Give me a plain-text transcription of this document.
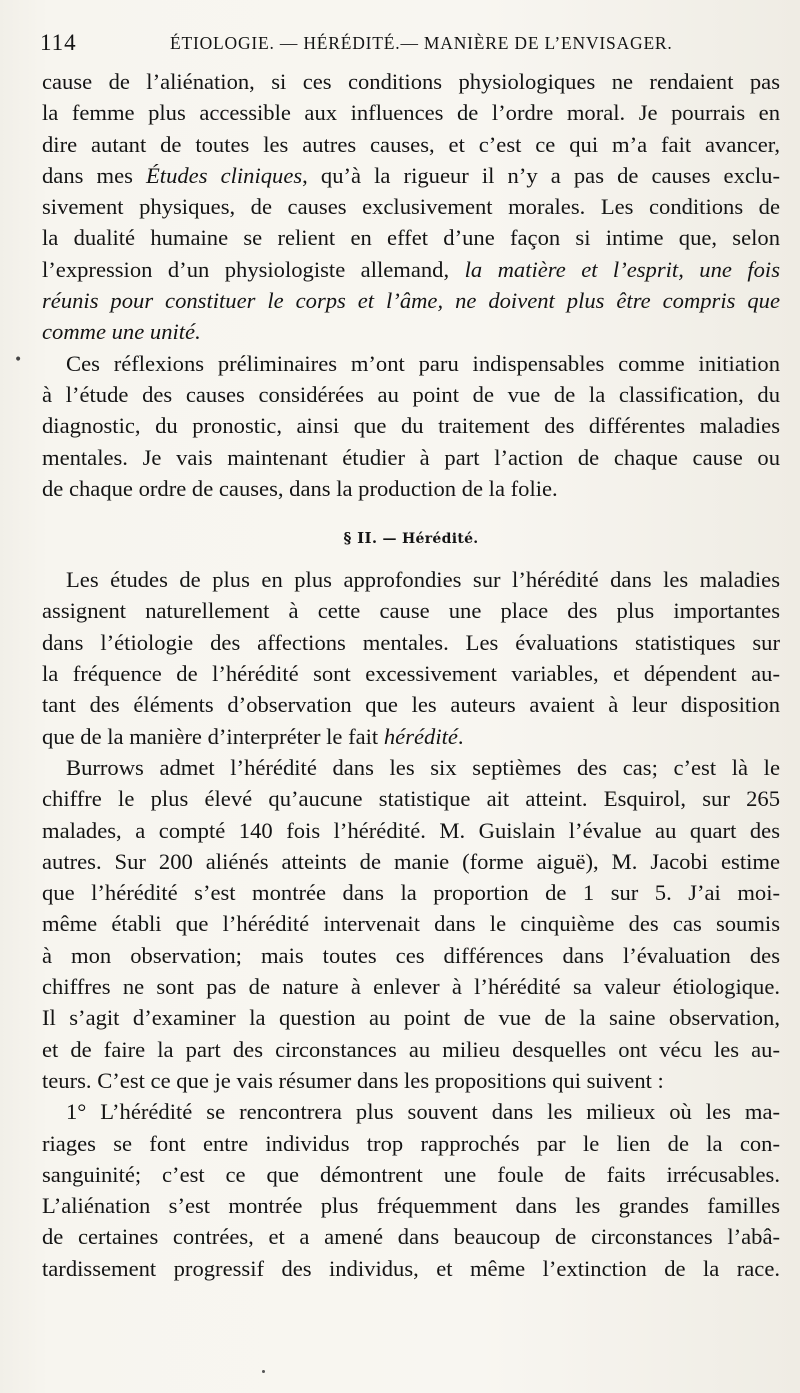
114	ÉTIOLOGIE. — HÉRÉDITÉ.— MANIÈRE DE L’ENVISAGER.
•
cause de l’aliénation, si ces conditions physiologiques ne rendaient pas
la femme plus accessible aux influences de l’ordre moral. Je pourrais en
dire autant de toutes les autres causes, et c’est ce qui m’a fait avancer,
dans mes Études cliniques, qu’à la rigueur il n’y a pas de causes exclu-
sivement physiques, de causes exclusivement morales. Les conditions de
la dualité humaine se relient en effet d’une façon si intime que, selon
l’expression d’un physiologiste allemand, la matière et l’esprit, une fois
réunis pour constituer le corps et l’âme, ne doivent plus être compris que
comme une unité.
Ces réflexions préliminaires m’ont paru indispensables comme initiation
à l’étude des causes considérées au point de vue de la classification, du
diagnostic, du pronostic, ainsi que du traitement des différentes maladies
mentales. Je vais maintenant étudier à part l’action de chaque cause ou
de chaque ordre de causes, dans la production de la folie.
§ II. — Hérédité.
Les études de plus en plus approfondies sur l’hérédité dans les maladies
assignent naturellement à cette cause une place des plus importantes
dans l’étiologie des affections mentales. Les évaluations statistiques sur
la fréquence de l’hérédité sont excessivement variables, et dépendent au-
tant des éléments d’observation que les auteurs avaient à leur disposition
que de la manière d’interpréter le fait hérédité.
Burrows admet l’hérédité dans les six septièmes des cas; c’est là le
chiffre le plus élevé qu’aucune statistique ait atteint. Esquirol, sur 265
malades, a compté 140 fois l’hérédité. M. Guislain l’évalue au quart des
autres. Sur 200 aliénés atteints de manie (forme aiguë), M. Jacobi estime
que l’hérédité s’est montrée dans la proportion de 1 sur 5. J’ai moi-
même établi que l’hérédité intervenait dans le cinquième des cas soumis
à mon observation; mais toutes ces différences dans l’évaluation des
chiffres ne sont pas de nature à enlever à l’hérédité sa valeur étiologique.
Il s’agit d’examiner la question au point de vue de la saine observation,
et de faire la part des circonstances au milieu desquelles ont vécu les au-
teurs. C’est ce que je vais résumer dans les propositions qui suivent :
1° L’hérédité se rencontrera plus souvent dans les milieux où les ma-
riages se font entre individus trop rapprochés par le lien de la con-
sanguinité; c’est ce que démontrent une foule de faits irrécusables.
L’aliénation s’est montrée plus fréquemment dans les grandes familles
de certaines contrées, et a amené dans beaucoup de circonstances l’abâ-
tardissement progressif des individus, et même l’extinction de la race.
